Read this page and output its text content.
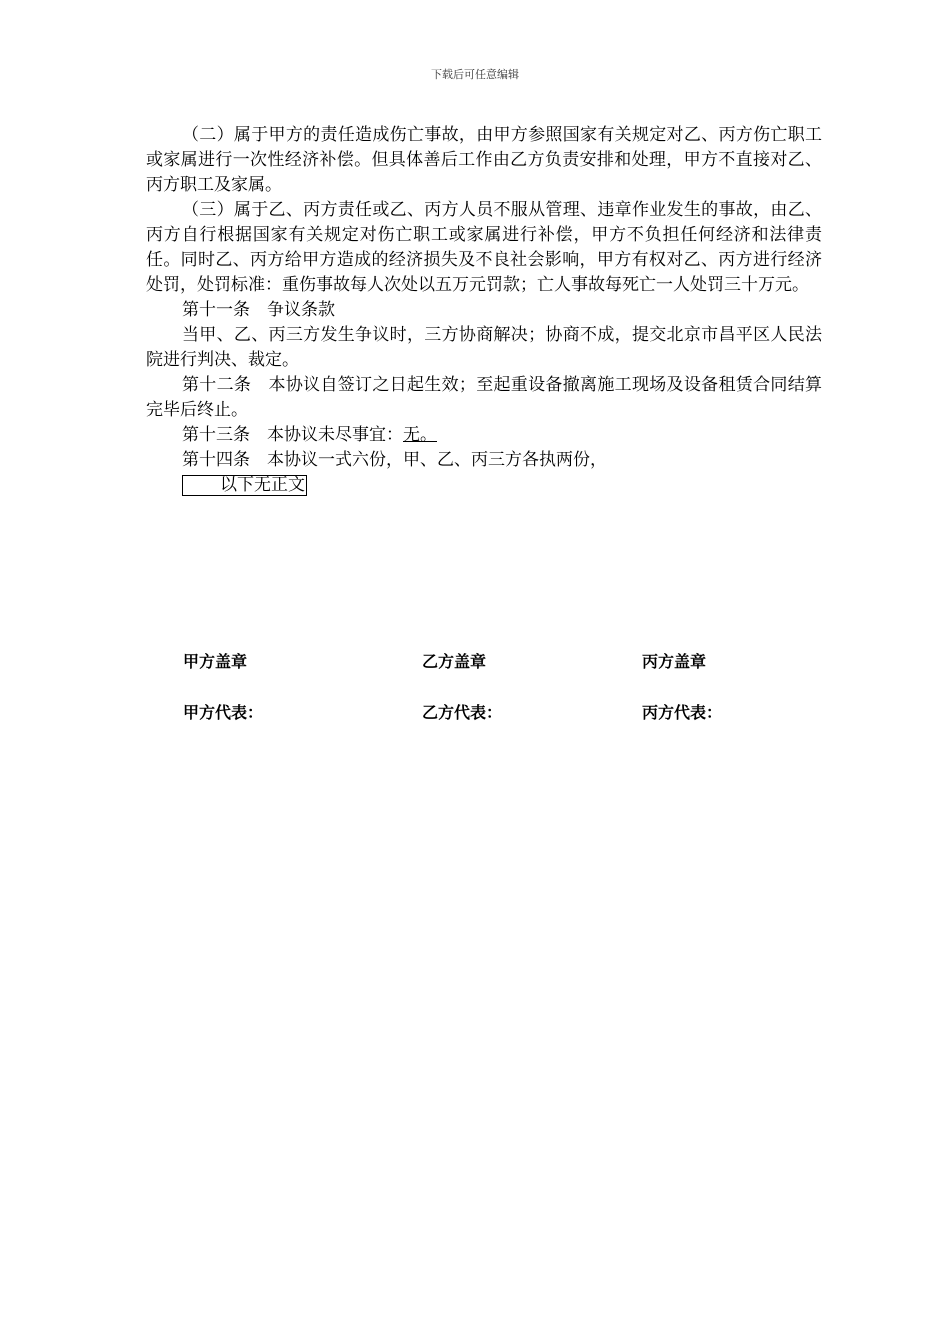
下载后可任意编辑

（二）属于甲方的责任造成伤亡事故，由甲方参照国家有关规定对乙、丙方伤亡职工或家属进行一次性经济补偿。但具体善后工作由乙方负责安排和处理，甲方不直接对乙、丙方职工及家属。

（三）属于乙、丙方责任或乙、丙方人员不服从管理、违章作业发生的事故，由乙、丙方自行根据国家有关规定对伤亡职工或家属进行补偿，甲方不负担任何经济和法律责任。同时乙、丙方给甲方造成的经济损失及不良社会影响，甲方有权对乙、丙方进行经济处罚，处罚标准：重伤事故每人次处以五万元罚款；亡人事故每死亡一人处罚三十万元。

第十一条　争议条款

当甲、乙、丙三方发生争议时，三方协商解决；协商不成，提交北京市昌平区人民法院进行判决、裁定。

第十二条　本协议自签订之日起生效；至起重设备撤离施工现场及设备租赁合同结算完毕后终止。

第十三条　本协议未尽事宜：无。

第十四条　本协议一式六份，甲、乙、丙三方各执两份，

以下无正文

甲方盖章	乙方盖章	丙方盖章
甲方代表：	乙方代表：	丙方代表：
